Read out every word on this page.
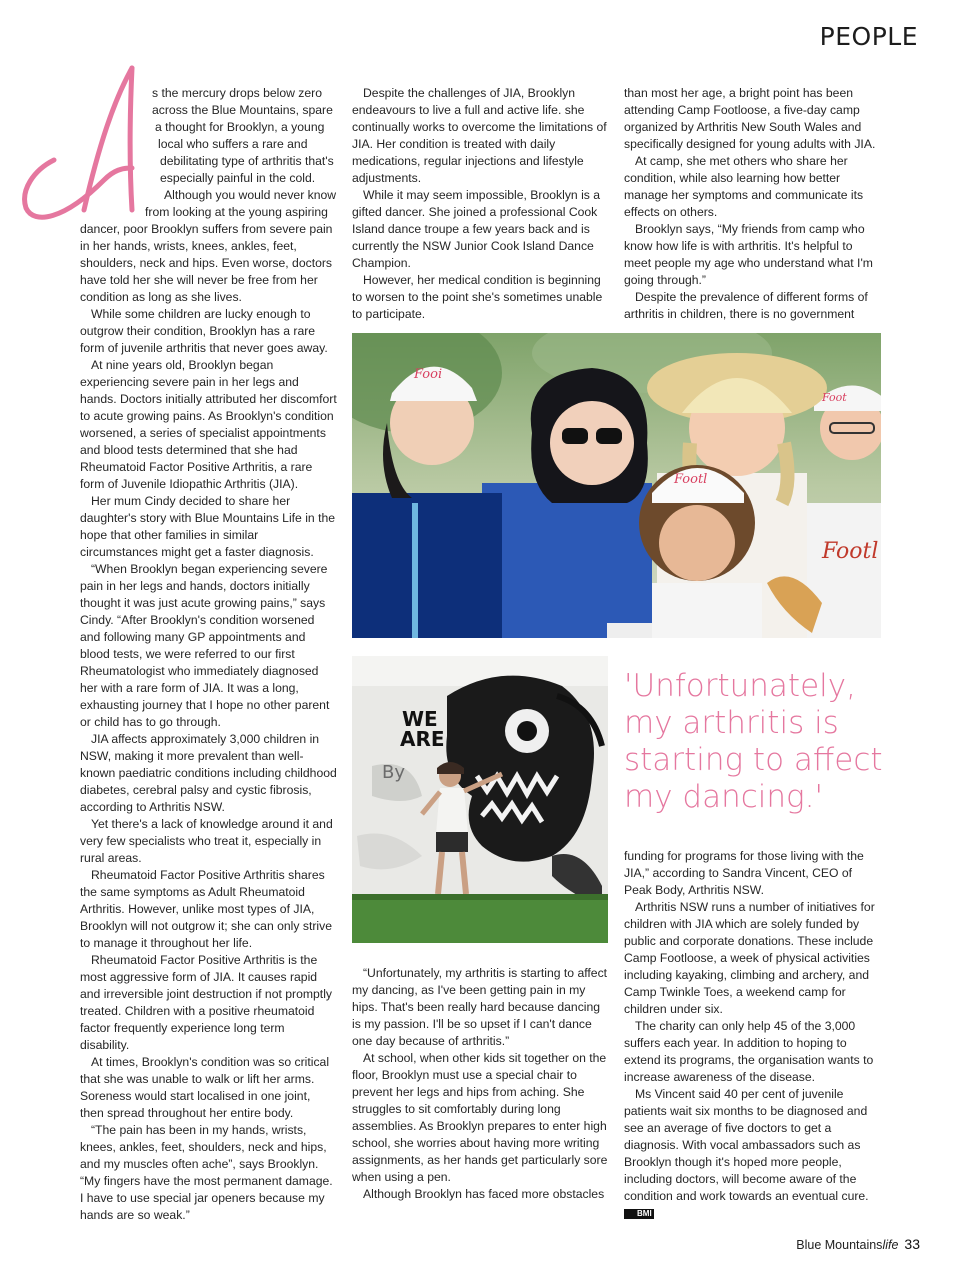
PEOPLE

s the mercury drops below zero
across the Blue Mountains, spare
a thought for Brooklyn, a young
local who suffers a rare and
debilitating type of arthritis that's
especially painful in the cold.
Although you would never know
from looking at the young aspiring
dancer, poor Brooklyn suffers from severe pain in her hands, wrists, knees, ankles, feet, shoulders, neck and hips. Even worse, doctors have told her she will never be free from her condition as long as she lives.

While some children are lucky enough to outgrow their condition, Brooklyn has a rare form of juvenile arthritis that never goes away.

At nine years old, Brooklyn began experiencing severe pain in her legs and hands. Doctors initially attributed her discomfort to acute growing pains. As Brooklyn's condition worsened, a series of specialist appointments and blood tests determined that she had Rheumatoid Factor Positive Arthritis, a rare form of Juvenile Idiopathic Arthritis (JIA).

Her mum Cindy decided to share her daughter's story with Blue Mountains Life in the hope that other families in similar circumstances might get a faster diagnosis.

“When Brooklyn began experiencing severe pain in her legs and hands, doctors initially thought it was just acute growing pains,” says Cindy. “After Brooklyn's condition worsened and following many GP appointments and blood tests, we were referred to our first Rheumatologist who immediately diagnosed her with a rare form of JIA. It was a long, exhausting journey that I hope no other parent or child has to go through.

JIA affects approximately 3,000 children in NSW, making it more prevalent than well-known paediatric conditions including childhood diabetes, cerebral palsy and cystic fibrosis, according to Arthritis NSW.

Yet there's a lack of knowledge around it and very few specialists who treat it, especially in rural areas.

Rheumatoid Factor Positive Arthritis shares the same symptoms as Adult Rheumatoid Arthritis. However, unlike most types of JIA, Brooklyn will not outgrow it; she can only strive to manage it throughout her life.

Rheumatoid Factor Positive Arthritis is the most aggressive form of JIA. It causes rapid and irreversible joint destruction if not promptly treated. Children with a positive rheumatoid factor frequently experience long term disability.

At times, Brooklyn's condition was so critical that she was unable to walk or lift her arms. Soreness would start localised in one joint, then spread throughout her entire body.

“The pain has been in my hands, wrists, knees, ankles, feet, shoulders, neck and hips, and my muscles often ache”, says Brooklyn. “My fingers have the most permanent damage. I have to use special jar openers because my hands are so weak.”

Despite the challenges of JIA, Brooklyn endeavours to live a full and active life. she continually works to overcome the limitations of JIA. Her condition is treated with daily medications, regular injections and lifestyle adjustments.

While it may seem impossible, Brooklyn is a gifted dancer. She joined a professional Cook Island dance troupe a few years back and is currently the NSW Junior Cook Island Dance Champion.

However, her medical condition is beginning to worsen to the point she's sometimes unable to participate.

than most her age, a bright point has been attending Camp Footloose, a five-day camp organized by Arthritis New South Wales and specifically designed for young adults with JIA.

At camp, she met others who share her condition, while also learning how better manage her symptoms and communicate its effects on others.

Brooklyn says, “My friends from camp who know how life is with arthritis. It's helpful to meet people my age who understand what I'm going through.”

Despite the prevalence of different forms of arthritis in children, there is no government

Footl
Fooi
Footl
Foot
By
WE
ARE
'Unfortunately, my arthritis is starting to affect my dancing.'

“Unfortunately, my arthritis is starting to affect my dancing, as I've been getting pain in my hips. That's been really hard because dancing is my passion. I'll be so upset if I can't dance one day because of arthritis.”

At school, when other kids sit together on the floor, Brooklyn must use a special chair to prevent her legs and hips from aching. She struggles to sit comfortably during long assemblies. As Brooklyn prepares to enter high school, she worries about having more writing assignments, as her hands get particularly sore when using a pen.

Although Brooklyn has faced more obstacles

funding for programs for those living with the JIA,” according to Sandra Vincent, CEO of Peak Body, Arthritis NSW.

Arthritis NSW runs a number of initiatives for children with JIA which are solely funded by public and corporate donations. These include Camp Footloose, a week of physical activities including kayaking, climbing and archery, and Camp Twinkle Toes, a weekend camp for children under six.

The charity can only help 45 of the 3,000 suffers each year. In addition to hoping to extend its programs, the organisation wants to increase awareness of the disease.

Ms Vincent said 40 per cent of juvenile patients wait six months to be diagnosed and see an average of five doctors to get a diagnosis. With vocal ambassadors such as Brooklyn though it's hoped more people, including doctors, will become aware of the condition and work towards an eventual cure. BMl

Blue Mountainslife 33
